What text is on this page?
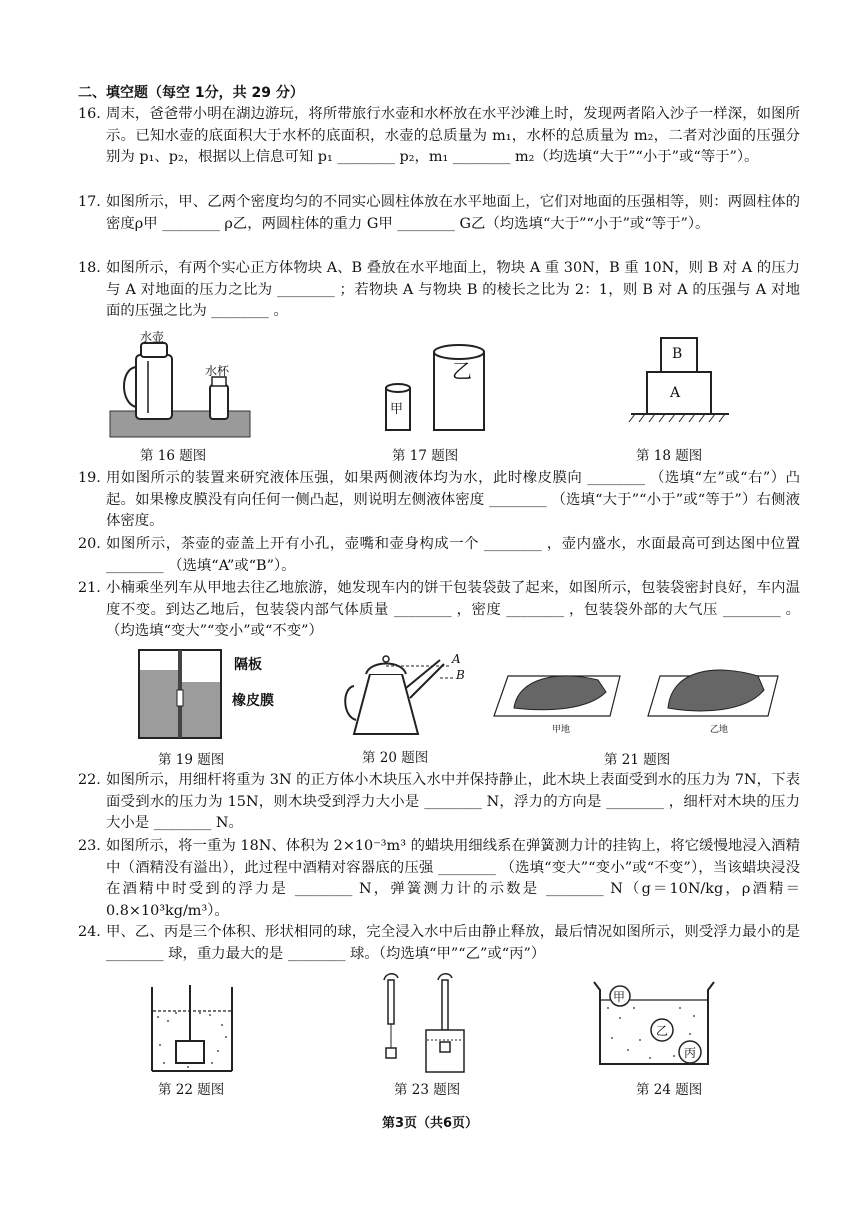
二、填空题（每空 1分，共 29 分）
16. 周末，爸爸带小明在湖边游玩，将所带旅行水壶和水杯放在水平沙滩上时，发现两者陷入沙子一样深，如图所示。已知水壶的底面积大于水杯的底面积，水壶的总质量为 m₁，水杯的总质量为 m₂，二者对沙面的压强分别为 p₁、p₂，根据以上信息可知 p₁ ________ p₂，m₁ ________ m₂（均选填“大于”“小于”或“等于”）。
17. 如图所示，甲、乙两个密度均匀的不同实心圆柱体放在水平地面上，它们对地面的压强相等，则：两圆柱体的密度ρ甲 ________ ρ乙，两圆柱体的重力 G甲 ________ G乙（均选填“大于”“小于”或“等于”）。
18. 如图所示，有两个实心正方体物块 A、B 叠放在水平地面上，物块 A 重 30N，B 重 10N，则 B 对 A 的压力与 A 对地面的压力之比为 ________ ；若物块 A 与物块 B 的棱长之比为 2：1，则 B 对 A 的压强与 A 对地面的压强之比为 ________ 。
水壶
水杯
第 16 题图
甲
乙
第 17 题图
B
A
第 18 题图
19. 用如图所示的装置来研究液体压强，如果两侧液体均为水，此时橡皮膜向 ________ （选填“左”或“右”）凸起。如果橡皮膜没有向任何一侧凸起，则说明左侧液体密度 ________ （选填“大于”“小于”或“等于”）右侧液体密度。
20. 如图所示，茶壶的壶盖上开有小孔，壶嘴和壶身构成一个 ________ ，壶内盛水，水面最高可到达图中位置 ________ （选填“A”或“B”）。
21. 小楠乘坐列车从甲地去往乙地旅游，她发现车内的饼干包装袋鼓了起来，如图所示，包装袋密封良好，车内温度不变。到达乙地后，包装袋内部气体质量 ________ ，密度 ________ ，包装袋外部的大气压 ________ 。（均选填“变大”“变小”或“不变”）
隔板
橡皮膜
第 19 题图
A
B
第 20 题图
甲地	乙地
第 21 题图
22. 如图所示，用细杆将重为 3N 的正方体小木块压入水中并保持静止，此木块上表面受到水的压力为 7N，下表面受到水的压力为 15N，则木块受到浮力大小是 ________ N，浮力的方向是 ________ ，细杆对木块的压力大小是 ________ N。
23. 如图所示，将一重为 18N、体积为 2×10⁻³m³ 的蜡块用细线系在弹簧测力计的挂钩上，将它缓慢地浸入酒精中（酒精没有溢出），此过程中酒精对容器底的压强 ________ （选填“变大”“变小”或“不变”），当该蜡块浸没在酒精中时受到的浮力是 ________ N，弹簧测力计的示数是 ________ N（g＝10N/kg，ρ酒精＝0.8×10³kg/m³）。
24. 甲、乙、丙是三个体积、形状相同的球，完全浸入水中后由静止释放，最后情况如图所示，则受浮力最小的是 ________ 球，重力最大的是 ________ 球。（均选填“甲”“乙”或“丙”）
第 22 题图	第 23 题图
甲
乙
丙
第 24 题图
第3页（共6页）
